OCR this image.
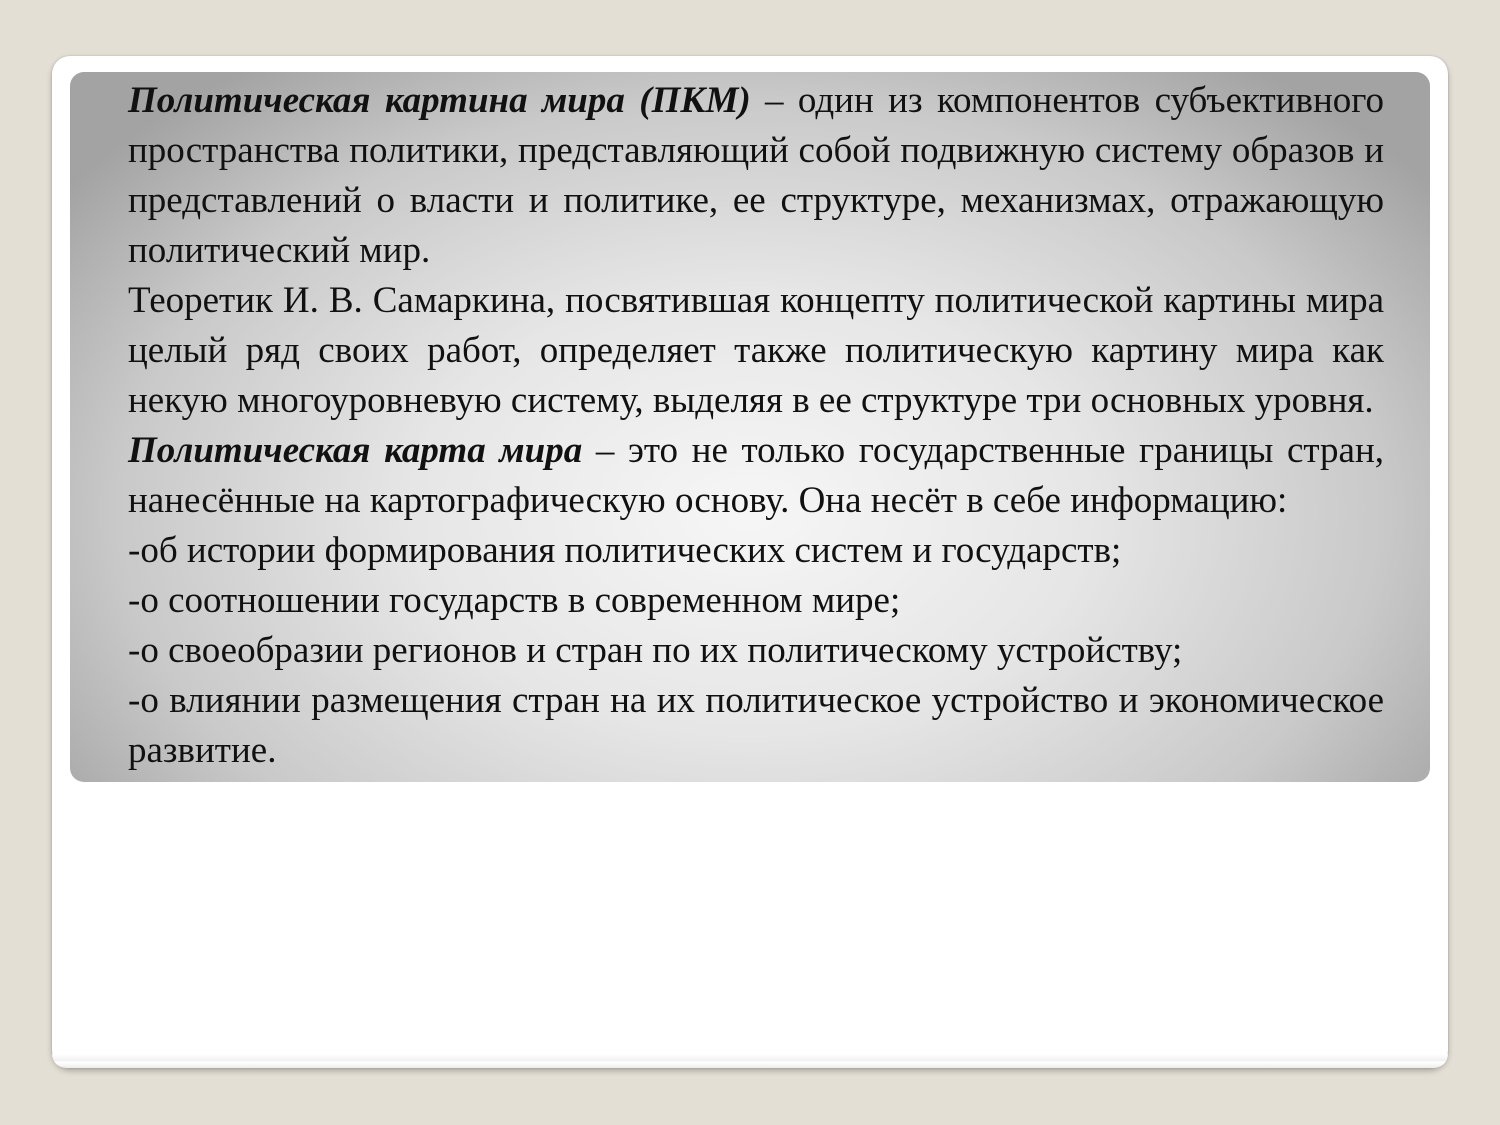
Политическая картина мира (ПКМ) – один из компонентов субъективного пространства политики, представляющий собой подвижную систему образов и представлений о власти и политике, ее структуре, механизмах, отражающую политический мир.

Теоретик И. В. Самаркина, посвятившая концепту политической картины мира целый ряд своих работ, определяет также политическую картину мира как некую многоуровневую систему, выделяя в ее структуре три основных уровня.

Политическая карта мира – это не только государственные границы стран, нанесённые на картографическую основу. Она несёт в себе информацию:

-об истории формирования политических систем и государств;

-о соотношении государств в современном мире;

-о своеобразии регионов и стран по их политическому устройству;

-о влиянии размещения стран на их политическое устройство и экономическое развитие.
